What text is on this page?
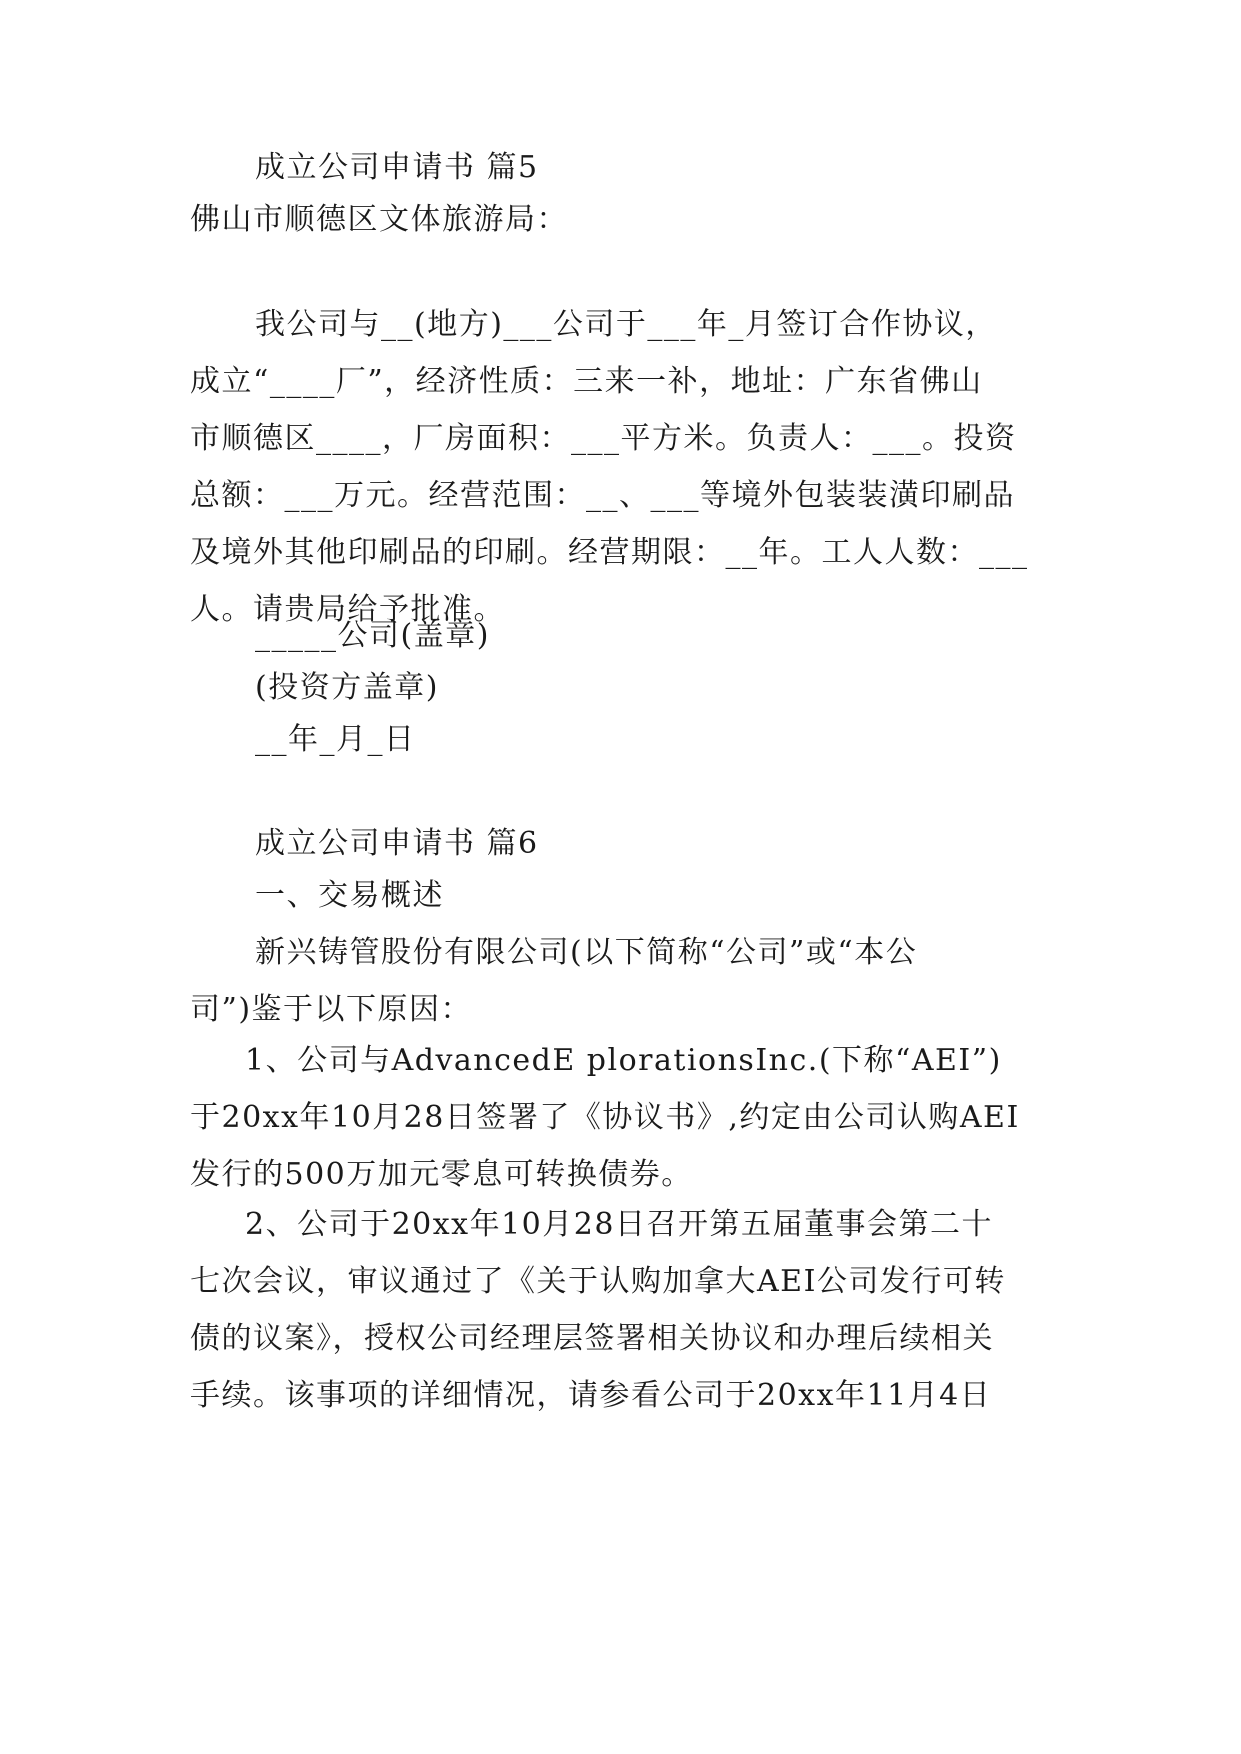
成立公司申请书 篇5
佛山市顺德区文体旅游局：

我公司与__(地方)___公司于___年_月签订合作协议，

成立“____厂”，经济性质：三来一补，地址：广东省佛山

市顺德区____，厂房面积：___平方米。负责人：___。投资

总额：___万元。经营范围：__、___等境外包装装潢印刷品

及境外其他印刷品的印刷。经营期限：__年。工人人数：___

人。请贵局给予批准。

_____公司(盖章)
(投资方盖章)
__年_月_日
成立公司申请书 篇6
一、交易概述

新兴铸管股份有限公司(以下简称“公司”或“本公

司”)鉴于以下原因：

1、公司与AdvancedE plorationsInc.(下称“AEI”)

于20xx年10月28日签署了《协议书》,约定由公司认购AEI

发行的500万加元零息可转换债券。

2、公司于20xx年10月28日召开第五届董事会第二十

七次会议，审议通过了《关于认购加拿大AEI公司发行可转

债的议案》，授权公司经理层签署相关协议和办理后续相关

手续。该事项的详细情况，请参看公司于20xx年11月4日
